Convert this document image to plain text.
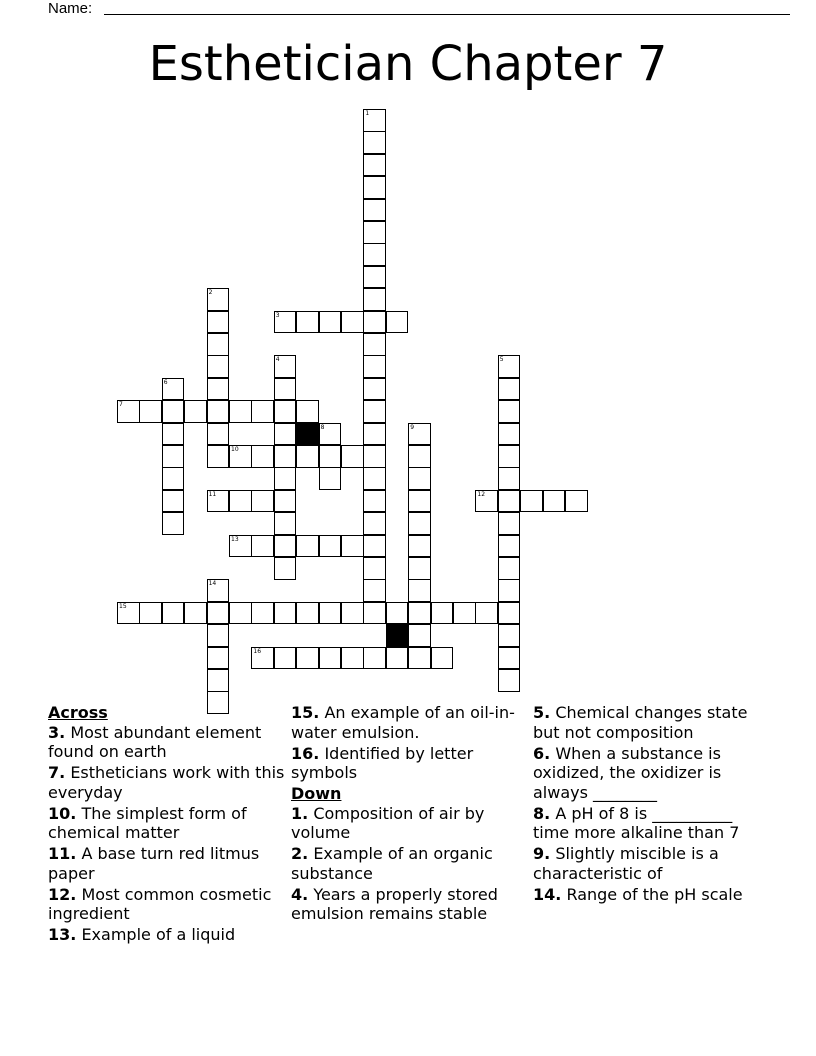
Name:
Esthetician Chapter 7
3
7
10
11	12
13
15
16
1
2
4	5
6
8	9
14
Across
3. Most abundant element found on earth
7. Estheticians work with this everyday
10. The simplest form of chemical matter
11. A base turn red litmus paper
12. Most common cosmetic ingredient
13. Example of a liquid
15. An example of an oil-in-water emulsion.
16. Identified by letter symbols
Down
1. Composition of air by volume
2. Example of an organic substance
4. Years a properly stored emulsion remains stable
5. Chemical changes state but not composition
6. When a substance is oxidized, the oxidizer is always ________
8. A pH of 8 is __________ time more alkaline than 7
9. Slightly miscible is a characteristic of
14. Range of the pH scale
